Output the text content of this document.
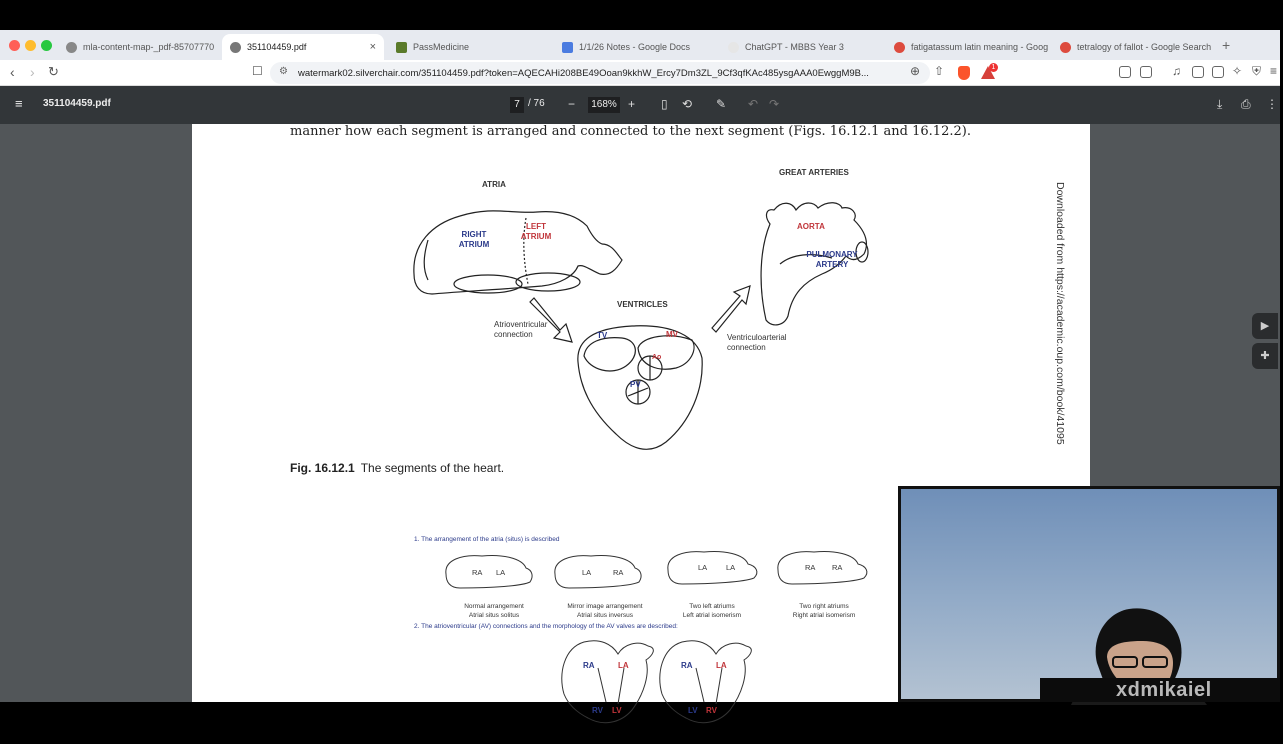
mla-content-map-_pdf-85707770	351104459.pdf	×	PassMedicine	1/1/26 Notes - Google Docs	ChatGPT - MBBS Year 3	fatigatassum latin meaning - Goog	tetralogy of fallot - Google Search +
‹ › ↻	☐ ⚙ watermark02.silverchair.com/351104459.pdf?token=AQECAHi208BE49Ooan9kkhW_Ercy7Dm3ZL_9Cf3qfKAc485ysgAAA0EwggM9B...	⊕ ⇧	1	♫	✧ ⛨ ≡
≡ 351104459.pdf	7 / 76 −	168% + ▯ ⟲ ✎ ↶ ↷	⤓ ⎙ ⋮
manner how each segment is arranged and connected to the next segment (Figs. 16.12.1 and 16.12.2).
ATRIA
RIGHT ATRIUM
LEFT ATRIUM
GREAT ARTERIES
AORTA
PULMONARY ARTERY
VENTRICLES
Atrioventricular connection	Ventriculoarterial connection
TV	MV
Ao
PV
Fig. 16.12.1 The segments of the heart.
Downloaded from https://academic.oup.com/book/41095
1. The arrangement of the atria (situs) is described
RA LA	LA	RA
LA	LA	RA RA
Normal arrangement
Atrial situs solitus
Mirror image arrangement
Atrial situs inversus
Two left atriums
Left atrial isomerism
Two right atriums
Right atrial isomerism
2. The atrioventricular (AV) connections and the morphology of the AV valves are described:
RA	LA
RV LV
RA	LA
LV RV
▶
✚
xdmikaiel
